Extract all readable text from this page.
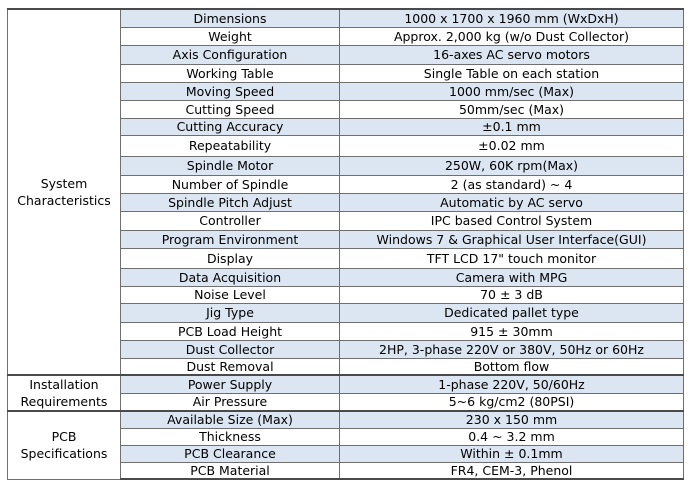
System
Characteristics	Dimensions	1000 x 1700 x 1960 mm (WxDxH)
	Weight	Approx. 2,000 kg (w/o Dust Collector)
	Axis Configuration	16-axes AC servo motors
	Working Table	Single Table on each station
	Moving Speed	1000 mm/sec (Max)
	Cutting Speed	50mm/sec (Max)
	Cutting Accuracy	±0.1 mm
	Repeatability	±0.02 mm
	Spindle Motor	250W, 60K rpm(Max)
	Number of Spindle	2 (as standard) ~ 4
	Spindle Pitch Adjust	Automatic by AC servo
	Controller	IPC based Control System
	Program Environment	Windows 7 & Graphical User Interface(GUI)
	Display	TFT LCD 17" touch monitor
	Data Acquisition	Camera with MPG
	Noise Level	70 ± 3 dB
	Jig Type	Dedicated pallet type
	PCB Load Height	915 ± 30mm
	Dust Collector	2HP, 3-phase 220V or 380V, 50Hz or 60Hz
	Dust Removal	Bottom flow
Installation
Requirements	Power Supply	1-phase 220V, 50/60Hz
	Air Pressure	5~6 kg/cm2 (80PSI)
PCB
Specifications	Available Size (Max)	230 x 150 mm
	Thickness	0.4 ~ 3.2 mm
	PCB Clearance	Within ± 0.1mm
	PCB Material	FR4, CEM-3, Phenol
